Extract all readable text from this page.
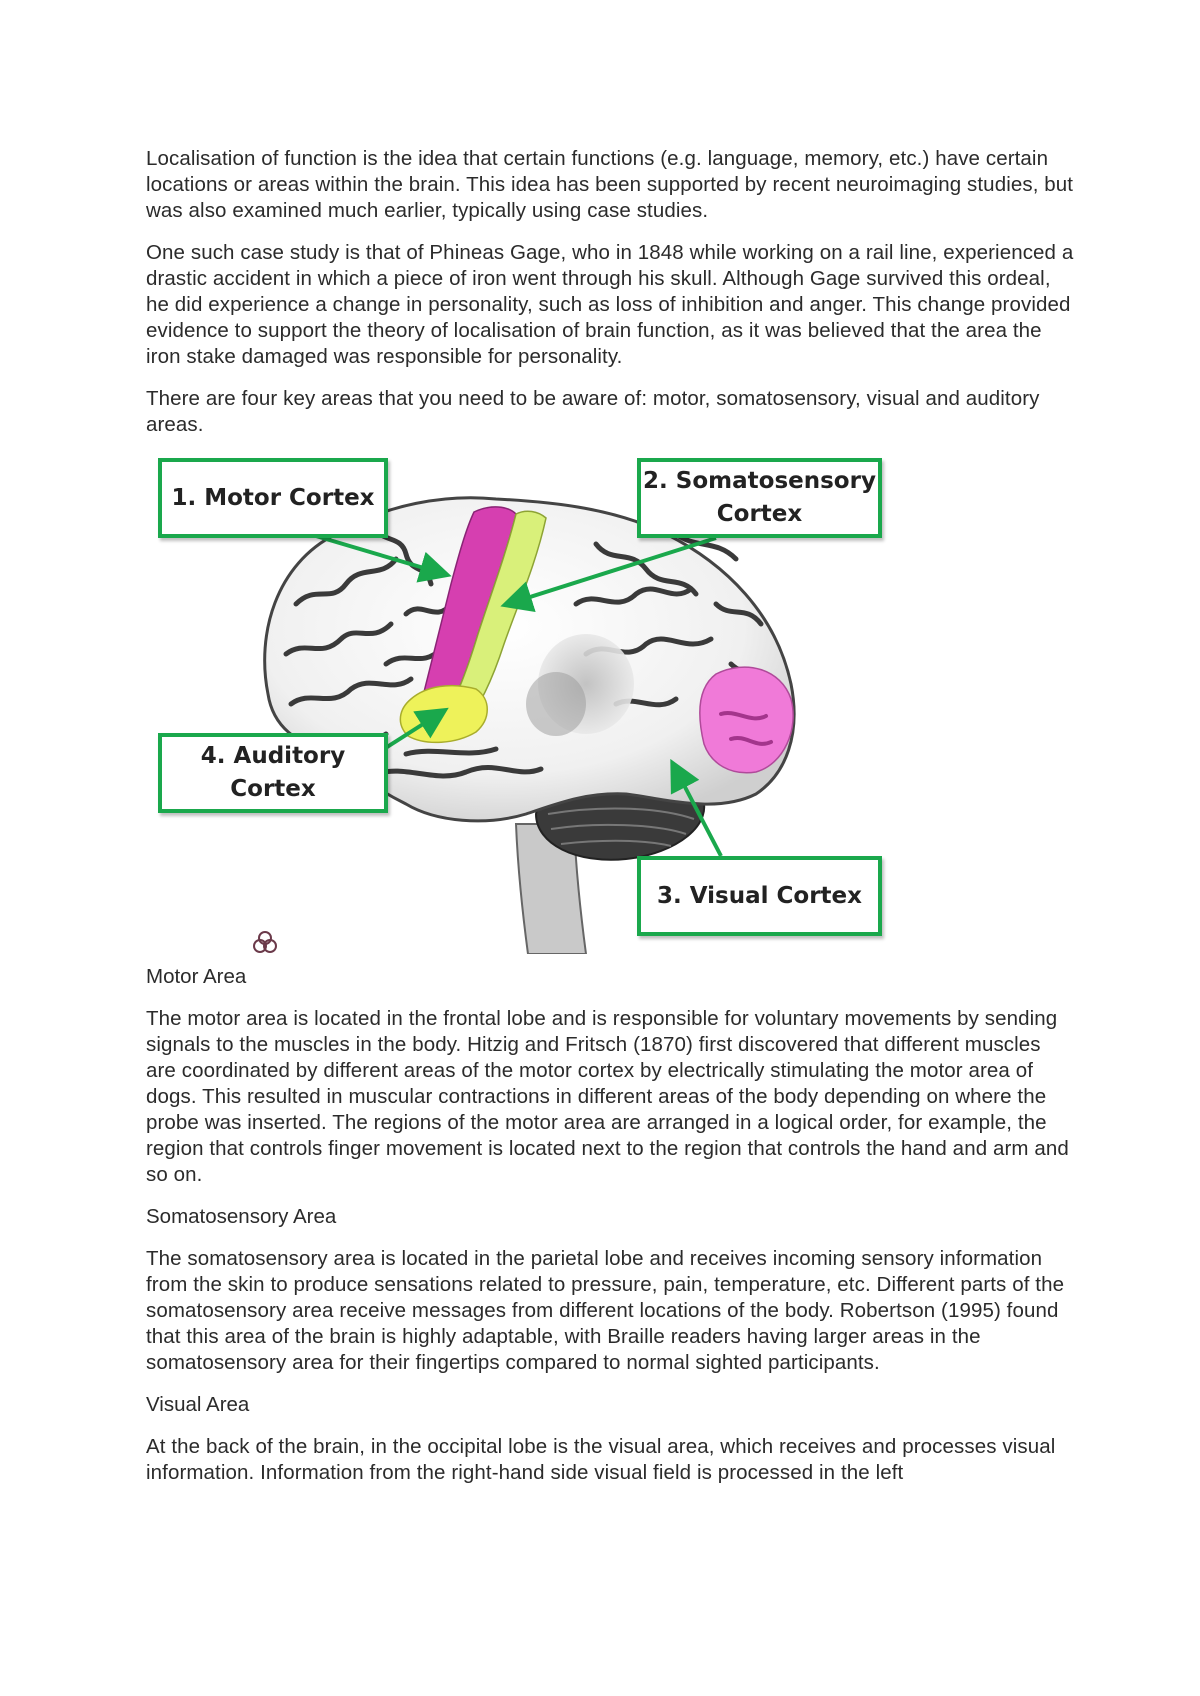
Localisation of function is the idea that certain functions (e.g. language, memory, etc.) have certain locations or areas within the brain. This idea has been supported by recent neuroimaging studies, but was also examined much earlier, typically using case studies.

One such case study is that of Phineas Gage, who in 1848 while working on a rail line, experienced a drastic accident in which a piece of iron went through his skull. Although Gage survived this ordeal, he did experience a change in personality, such as loss of inhibition and anger. This change provided evidence to support the theory of localisation of brain function, as it was believed that the area the iron stake damaged was responsible for personality.

There are four key areas that you need to be aware of: motor, somatosensory, visual and auditory areas.

1. Motor Cortex
2. Somatosensory
Cortex
4. Auditory
Cortex
3. Visual Cortex

Motor Area

The motor area is located in the frontal lobe and is responsible for voluntary movements by sending signals to the muscles in the body. Hitzig and Fritsch (1870) first discovered that different muscles are coordinated by different areas of the motor cortex by electrically stimulating the motor area of dogs. This resulted in muscular contractions in different areas of the body depending on where the probe was inserted. The regions of the motor area are arranged in a logical order, for example, the region that controls finger movement is located next to the region that controls the hand and arm and so on.

Somatosensory Area

The somatosensory area is located in the parietal lobe and receives incoming sensory information from the skin to produce sensations related to pressure, pain, temperature, etc. Different parts of the somatosensory area receive messages from different locations of the body. Robertson (1995) found that this area of the brain is highly adaptable, with Braille readers having larger areas in the somatosensory area for their fingertips compared to normal sighted participants.

Visual Area

At the back of the brain, in the occipital lobe is the visual area, which receives and processes visual information. Information from the right-hand side visual field is processed in the left
